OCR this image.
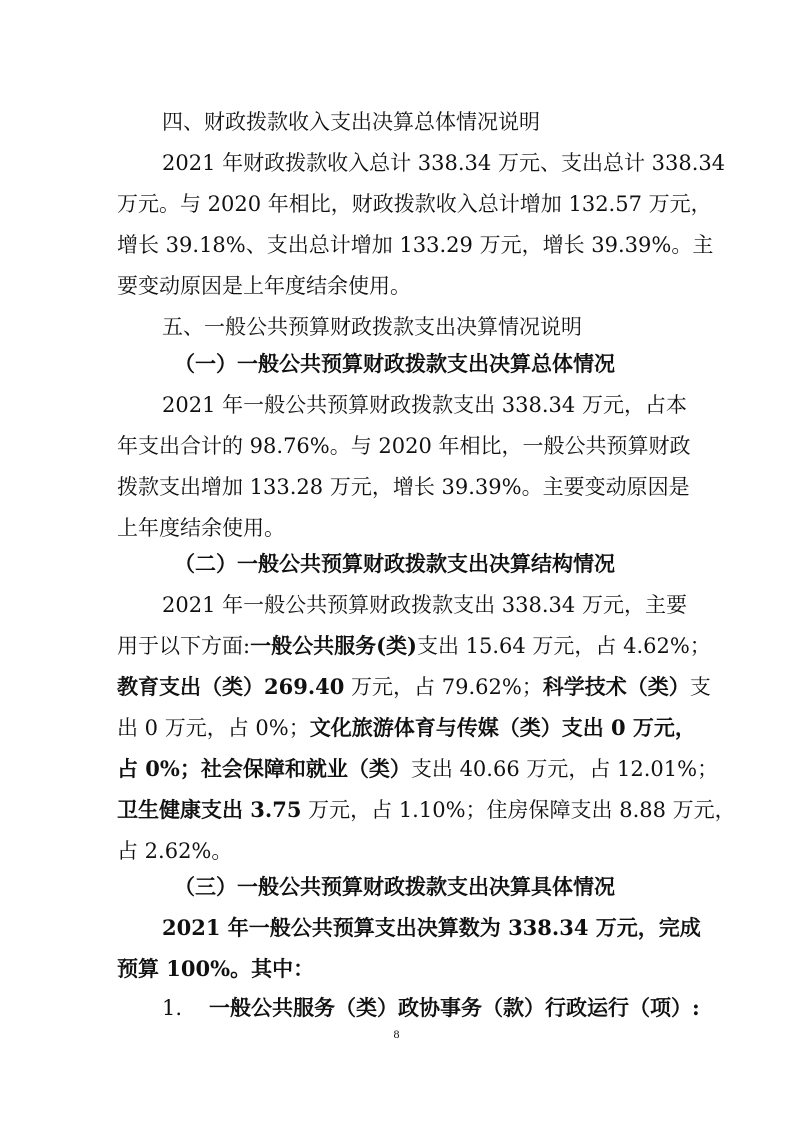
四、财政拨款收入支出决算总体情况说明
2021 年财政拨款收入总计 338.34 万元、支出总计 338.34
万元。与 2020 年相比，财政拨款收入总计增加 132.57 万元，
增长 39.18%、支出总计增加 133.29 万元，增长 39.39%。主
要变动原因是上年度结余使用。
五、一般公共预算财政拨款支出决算情况说明
（一）一般公共预算财政拨款支出决算总体情况
2021 年一般公共预算财政拨款支出 338.34 万元，占本
年支出合计的 98.76%。与 2020 年相比，一般公共预算财政
拨款支出增加 133.28 万元，增长 39.39%。主要变动原因是
上年度结余使用。
（二）一般公共预算财政拨款支出决算结构情况
2021 年一般公共预算财政拨款支出 338.34 万元，主要
用于以下方面:一般公共服务(类)支出 15.64 万元，占 4.62%；
教育支出（类）269.40 万元，占 79.62%；科学技术（类）支
出 0 万元，占 0%；文化旅游体育与传媒（类）支出 0 万元，
占 0%；社会保障和就业（类）支出 40.66 万元，占 12.01%；
卫生健康支出 3.75 万元，占 1.10%；住房保障支出 8.88 万元，
占 2.62%。
（三）一般公共预算财政拨款支出决算具体情况
2021 年一般公共预算支出决算数为 338.34 万元，完成
预算 100%。其中：
1. 一般公共服务（类）政协事务（款）行政运行（项）:
8
